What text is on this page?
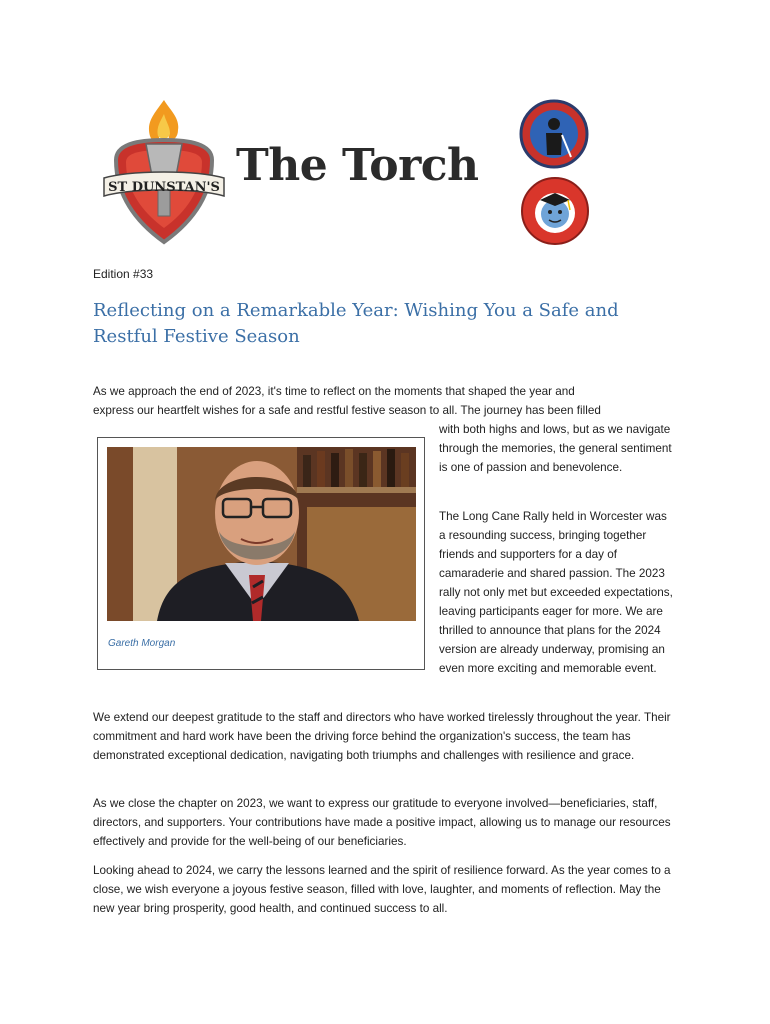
ST DUNSTAN'S The Torch
Edition #33
Reflecting on a Remarkable Year: Wishing You a Safe and Restful Festive Season

As we approach the end of 2023, it's time to reflect on the moments that shaped the year and
express our heartfelt wishes for a safe and restful festive season to all. The journey has been filled

with both highs and lows, but as we navigate through the memories, the general sentiment is one of passion and benevolence.

Gareth Morgan

The Long Cane Rally held in Worcester was a resounding success, bringing together friends and supporters for a day of camaraderie and shared passion. The 2023 rally not only met but exceeded expectations, leaving participants eager for more. We are thrilled to announce that plans for the 2024 version are already underway, promising an even more exciting and memorable event.

We extend our deepest gratitude to the staff and directors who have worked tirelessly throughout the year. Their commitment and hard work have been the driving force behind the organization's success, the team has demonstrated exceptional dedication, navigating both triumphs and challenges with resilience and grace.

As we close the chapter on 2023, we want to express our gratitude to everyone involved—beneficiaries, staff, directors, and supporters. Your contributions have made a positive impact, allowing us to manage our resources effectively and provide for the well-being of our beneficiaries.

Looking ahead to 2024, we carry the lessons learned and the spirit of resilience forward. As the year comes to a close, we wish everyone a joyous festive season, filled with love, laughter, and moments of reflection. May the new year bring prosperity, good health, and continued success to all.
